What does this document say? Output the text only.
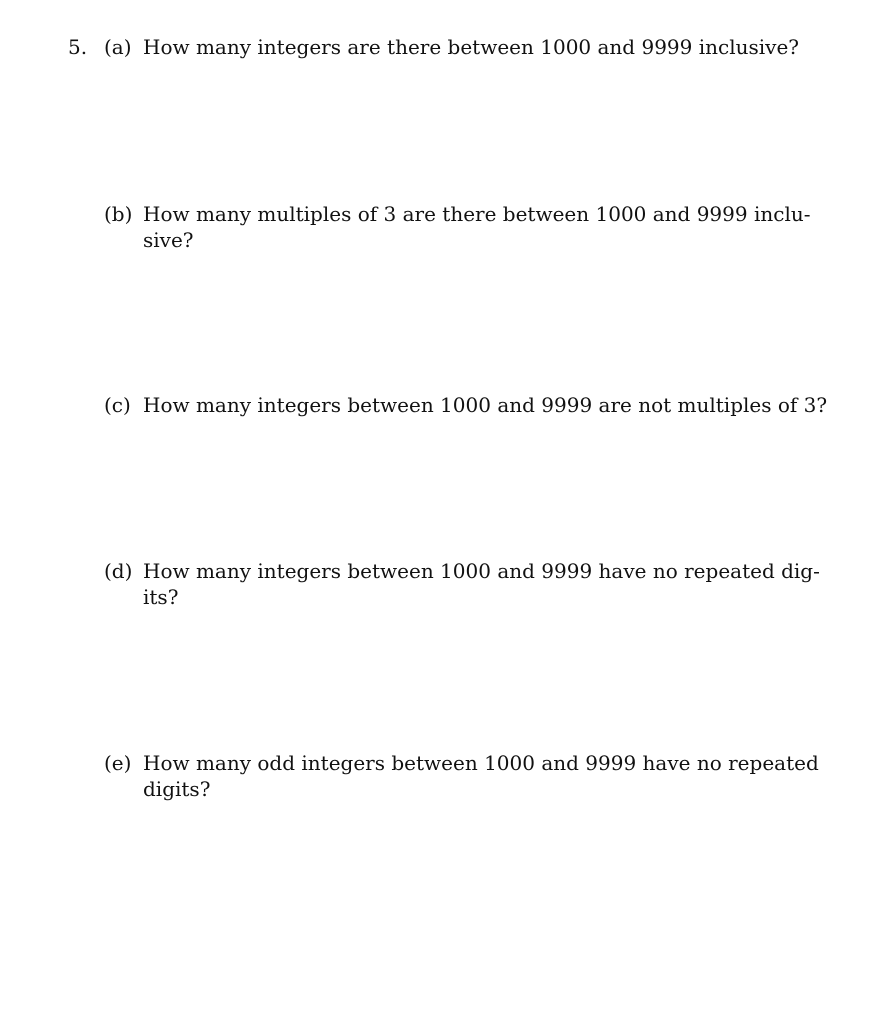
5. (a) How many integers are there between 1000 and 9999 inclusive?
(b) How many multiples of 3 are there between 1000 and 9999 inclu-
sive?
(c) How many integers between 1000 and 9999 are not multiples of 3?
(d) How many integers between 1000 and 9999 have no repeated dig-
its?
(e) How many odd integers between 1000 and 9999 have no repeated
digits?
